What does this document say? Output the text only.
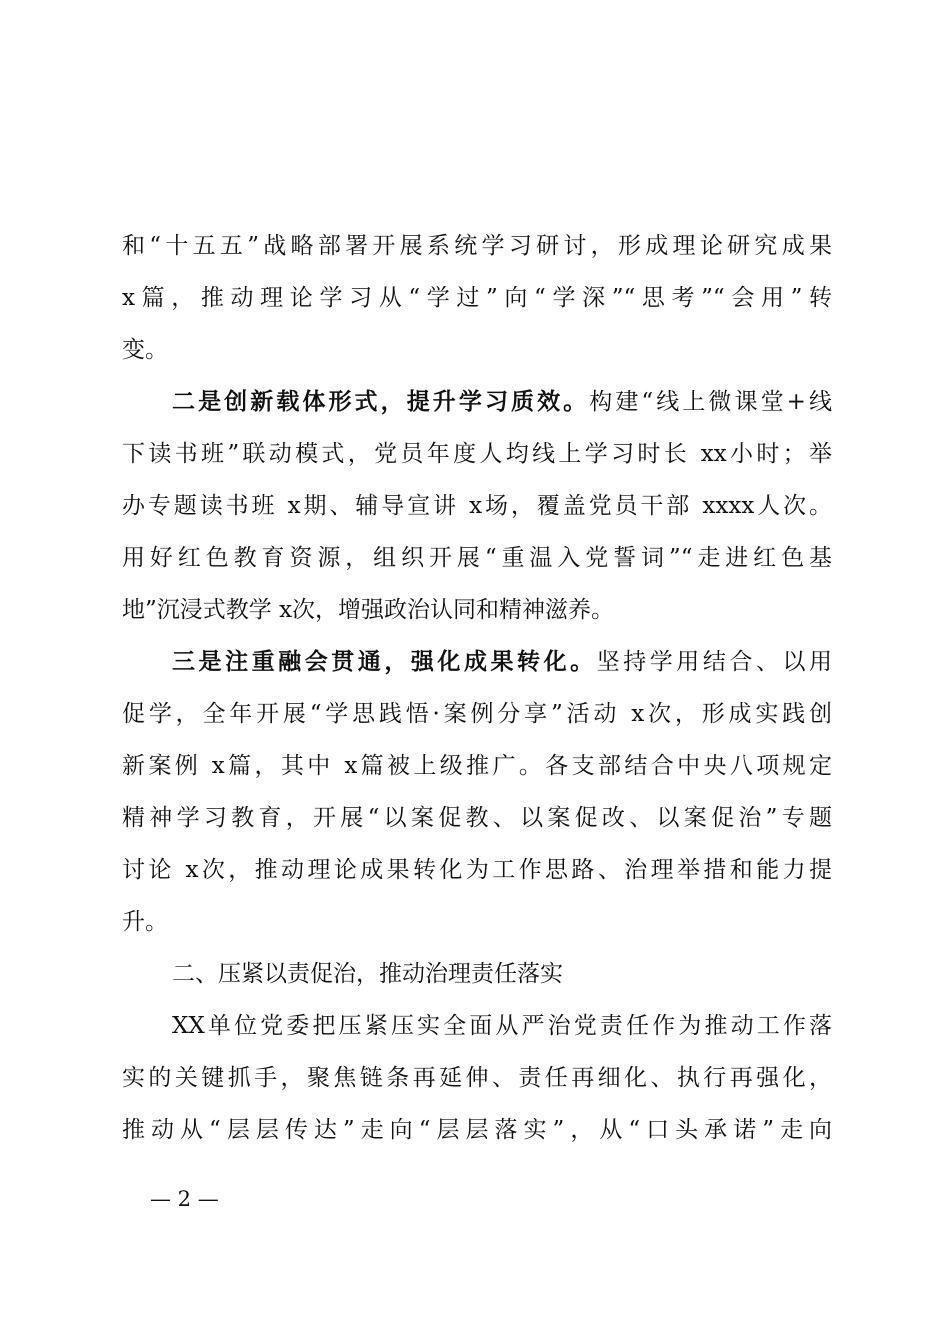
和“十五五”战略部署开展系统学习研讨，形成理论研究成果
x篇，推动理论学习从“学过”向“学深”“思考”“会用”转
变。
二是创新载体形式，提升学习质效。构建“线上微课堂+线
下读书班”联动模式，党员年度人均线上学习时长 xx小时；举
办专题读书班 x期、辅导宣讲 x场，覆盖党员干部 xxxx人次。
用好红色教育资源，组织开展“重温入党誓词”“走进红色基
地”沉浸式教学 x次，增强政治认同和精神滋养。
三是注重融会贯通，强化成果转化。坚持学用结合、以用
促学，全年开展“学思践悟·案例分享”活动 x次，形成实践创
新案例 x篇，其中 x篇被上级推广。各支部结合中央八项规定
精神学习教育，开展“以案促教、以案促改、以案促治”专题
讨论 x次，推动理论成果转化为工作思路、治理举措和能力提
升。
二、压紧以责促治，推动治理责任落实
XX单位党委把压紧压实全面从严治党责任作为推动工作落
实的关键抓手，聚焦链条再延伸、责任再细化、执行再强化，
推动从“层层传达”走向“层层落实”，从“口头承诺”走向
— 2 —
